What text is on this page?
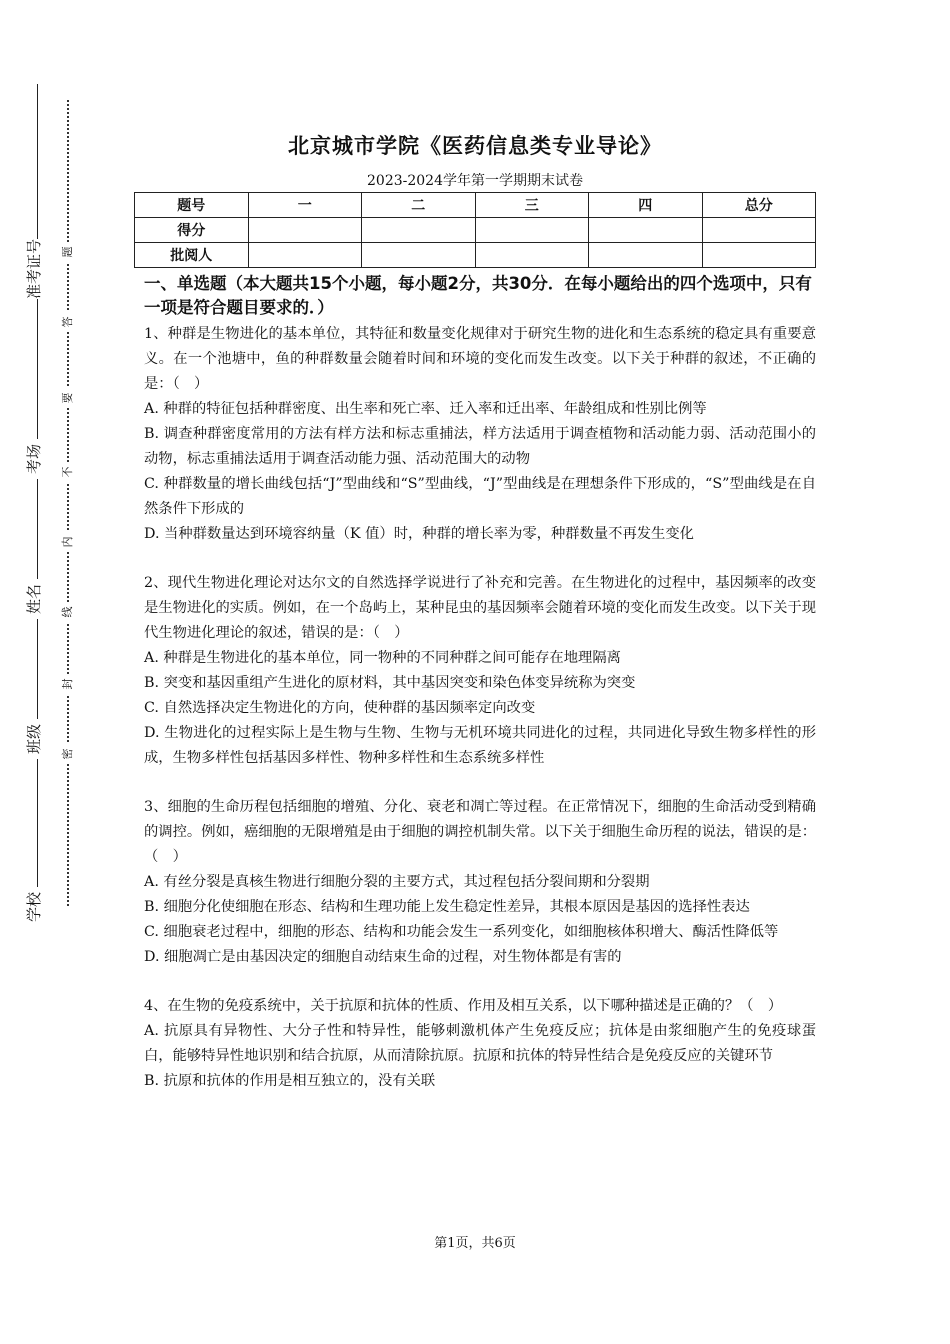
准考证号
考场
姓名
班级
学校
题
答
要
不
内
线
封
密
北京城市学院《医药信息类专业导论》
2023-2024学年第一学期期末试卷
题号	一	二	三	四	总分
得分					
批阅人					

一、单选题（本大题共15个小题，每小题2分，共30分．在每小题给出的四个选项中，只有一项是符合题目要求的．）

1、种群是生物进化的基本单位，其特征和数量变化规律对于研究生物的进化和生态系统的稳定具有重要意义。在一个池塘中，鱼的种群数量会随着时间和环境的变化而发生改变。以下关于种群的叙述，不正确的是：（　）

A. 种群的特征包括种群密度、出生率和死亡率、迁入率和迁出率、年龄组成和性别比例等

B. 调查种群密度常用的方法有样方法和标志重捕法，样方法适用于调查植物和活动能力弱、活动范围小的动物，标志重捕法适用于调查活动能力强、活动范围大的动物

C. 种群数量的增长曲线包括“J”型曲线和“S”型曲线，“J”型曲线是在理想条件下形成的，“S”型曲线是在自然条件下形成的

D. 当种群数量达到环境容纳量（K 值）时，种群的增长率为零，种群数量不再发生变化

2、现代生物进化理论对达尔文的自然选择学说进行了补充和完善。在生物进化的过程中，基因频率的改变是生物进化的实质。例如，在一个岛屿上，某种昆虫的基因频率会随着环境的变化而发生改变。以下关于现代生物进化理论的叙述，错误的是：（　）

A. 种群是生物进化的基本单位，同一物种的不同种群之间可能存在地理隔离

B. 突变和基因重组产生进化的原材料，其中基因突变和染色体变异统称为突变

C. 自然选择决定生物进化的方向，使种群的基因频率定向改变

D. 生物进化的过程实际上是生物与生物、生物与无机环境共同进化的过程，共同进化导致生物多样性的形成，生物多样性包括基因多样性、物种多样性和生态系统多样性

3、细胞的生命历程包括细胞的增殖、分化、衰老和凋亡等过程。在正常情况下，细胞的生命活动受到精确的调控。例如，癌细胞的无限增殖是由于细胞的调控机制失常。以下关于细胞生命历程的说法，错误的是：（　）

A. 有丝分裂是真核生物进行细胞分裂的主要方式，其过程包括分裂间期和分裂期

B. 细胞分化使细胞在形态、结构和生理功能上发生稳定性差异，其根本原因是基因的选择性表达

C. 细胞衰老过程中，细胞的形态、结构和功能会发生一系列变化，如细胞核体积增大、酶活性降低等

D. 细胞凋亡是由基因决定的细胞自动结束生命的过程，对生物体都是有害的

4、在生物的免疫系统中，关于抗原和抗体的性质、作用及相互关系，以下哪种描述是正确的？（　）

A. 抗原具有异物性、大分子性和特异性，能够刺激机体产生免疫反应；抗体是由浆细胞产生的免疫球蛋白，能够特异性地识别和结合抗原，从而清除抗原。抗原和抗体的特异性结合是免疫反应的关键环节

B. 抗原和抗体的作用是相互独立的，没有关联

第1页，共6页
